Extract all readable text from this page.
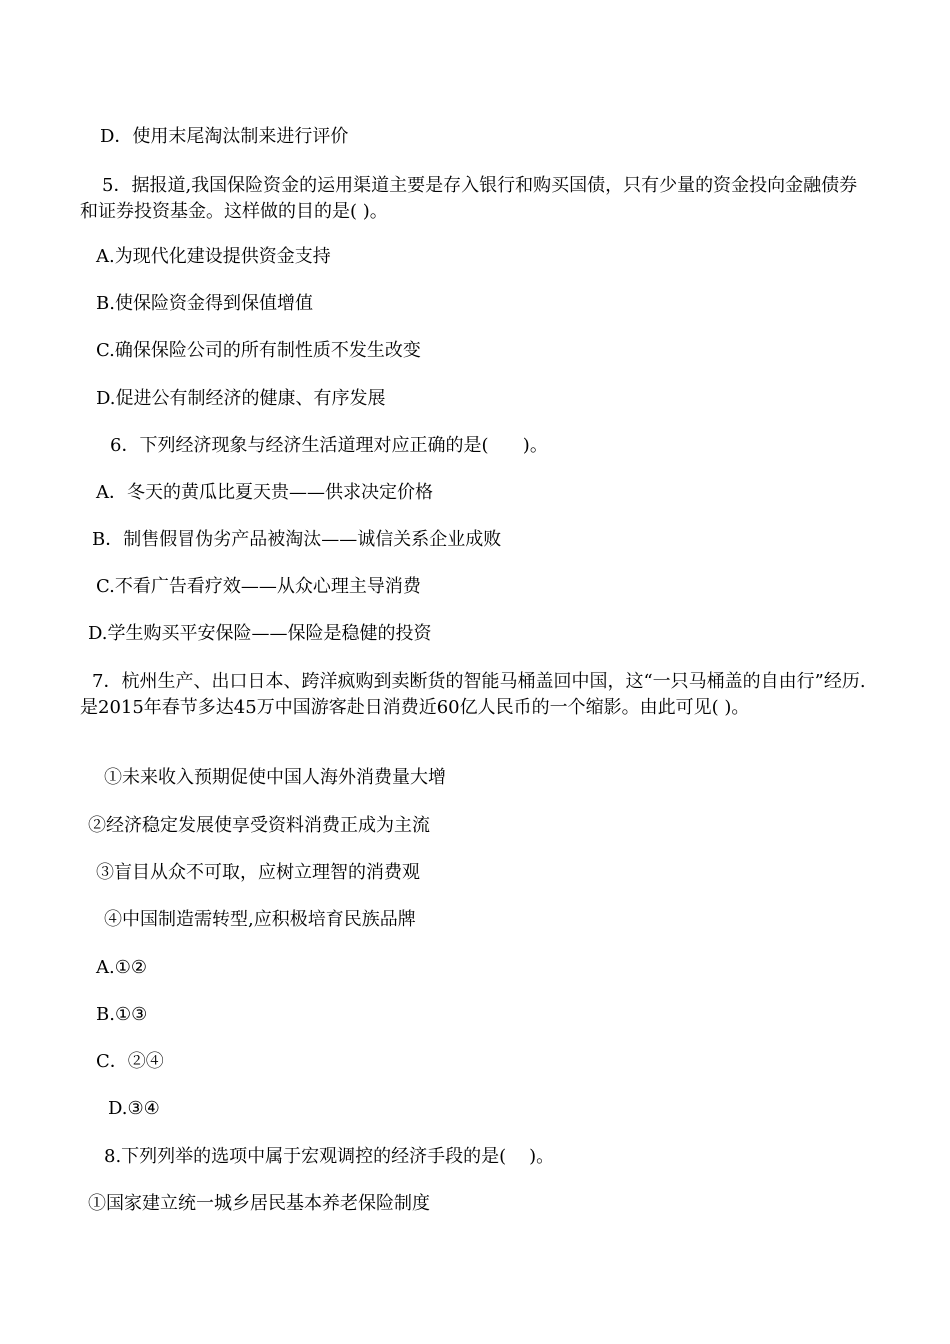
D．使用末尾淘汰制来进行评价
5．据报道,我国保险资金的运用渠道主要是存入银行和购买国债，只有少量的资金投向金融债券和证券投资基金。这样做的目的是( )。
A.为现代化建设提供资金支持
B.使保险资金得到保值增值
C.确保保险公司的所有制性质不发生改变
D.促进公有制经济的健康、有序发展
6．下列经济现象与经济生活道理对应正确的是(      )。
A．冬天的黄瓜比夏天贵——供求决定价格
B．制售假冒伪劣产品被淘汰——诚信关系企业成败
C.不看广告看疗效——从众心理主导消费
D.学生购买平安保险——保险是稳健的投资
7．杭州生产、出口日本、跨洋疯购到卖断货的智能马桶盖回中国，这“一只马桶盖的自由行”经历.是2015年春节多达45万中国游客赴日消费近60亿人民币的一个缩影。由此可见( )。
①未来收入预期促使中国人海外消费量大增
②经济稳定发展使享受资料消费正成为主流
③盲目从众不可取，应树立理智的消费观
④中国制造需转型,应积极培育民族品牌
A.①②
B.①③
C．②④
D.③④
8.下列列举的选项中属于宏观调控的经济手段的是(    )。
①国家建立统一城乡居民基本养老保险制度
